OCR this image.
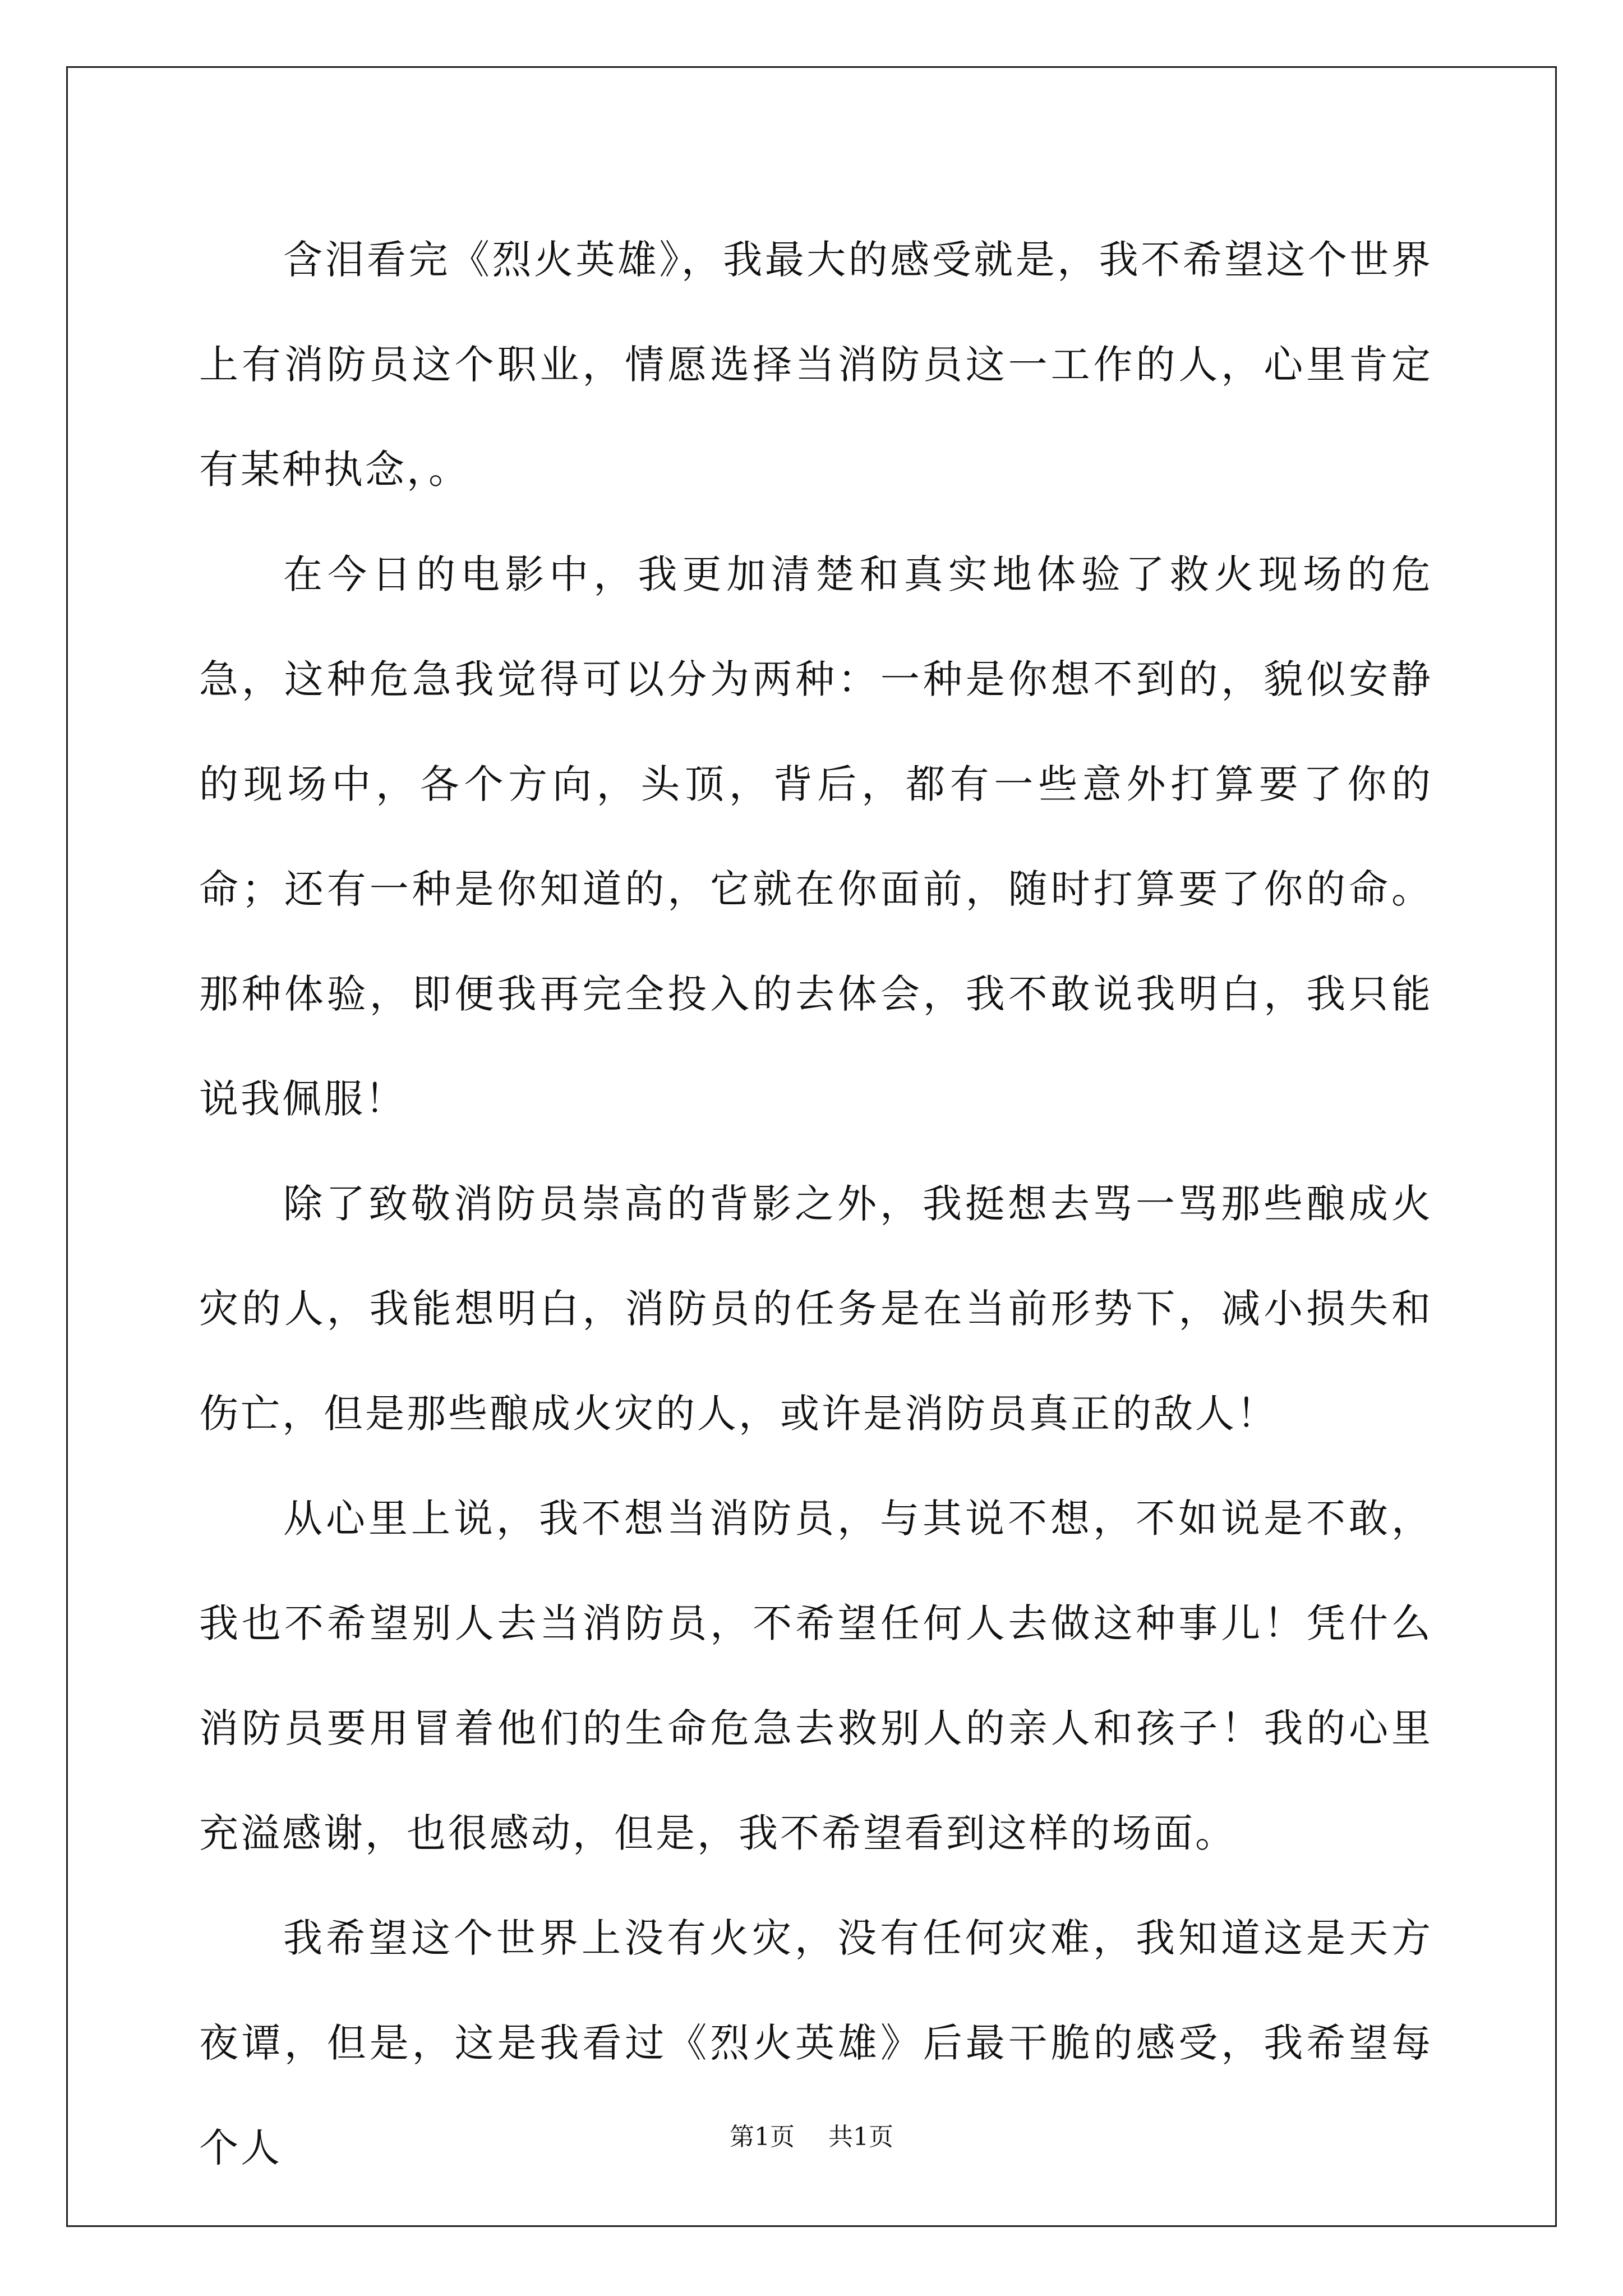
含泪看完《烈火英雄》，我最大的感受就是，我不希望这个世界上有消防员这个职业，情愿选择当消防员这一工作的人，心里肯定有某种执念，。

在今日的电影中，我更加清楚和真实地体验了救火现场的危急，这种危急我觉得可以分为两种：一种是你想不到的，貌似安静的现场中，各个方向，头顶，背后，都有一些意外打算要了你的命；还有一种是你知道的，它就在你面前，随时打算要了你的命。那种体验，即便我再完全投入的去体会，我不敢说我明白，我只能说我佩服！

除了致敬消防员崇高的背影之外，我挺想去骂一骂那些酿成火灾的人，我能想明白，消防员的任务是在当前形势下，减小损失和伤亡，但是那些酿成火灾的人，或许是消防员真正的敌人！

从心里上说，我不想当消防员，与其说不想，不如说是不敢，我也不希望别人去当消防员，不希望任何人去做这种事儿！凭什么消防员要用冒着他们的生命危急去救别人的亲人和孩子！我的心里充溢感谢，也很感动，但是，我不希望看到这样的场面。

我希望这个世界上没有火灾，没有任何灾难，我知道这是天方夜谭，但是，这是我看过《烈火英雄》后最干脆的感受，我希望每个人	第1页 共1页
